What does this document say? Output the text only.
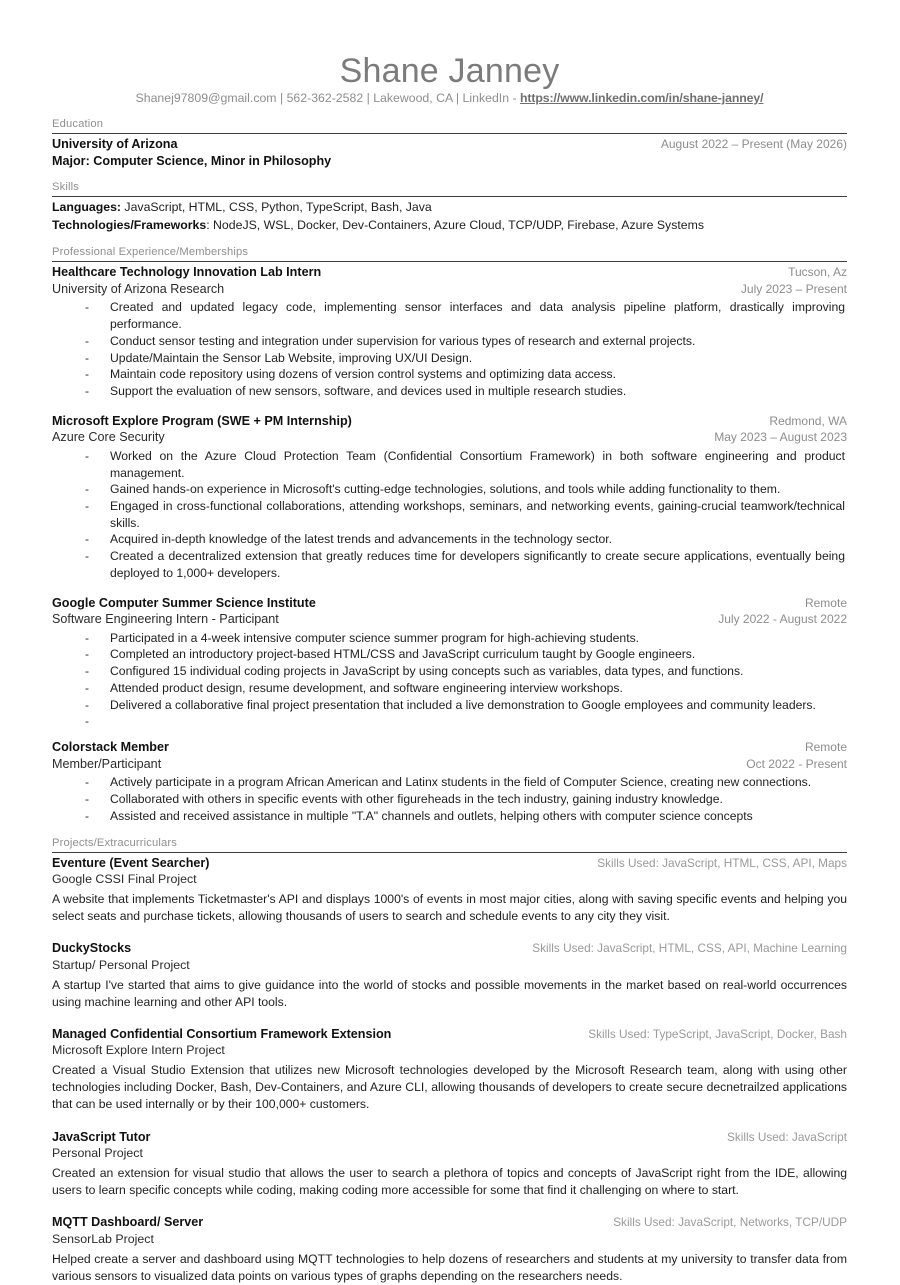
Shane Janney
Shanej97809@gmail.com | 562-362-2582 | Lakewood, CA | LinkedIn - https://www.linkedin.com/in/shane-janney/
Education
University of Arizona	August 2022 – Present (May 2026)
Major: Computer Science, Minor in Philosophy
Skills
Languages: JavaScript, HTML, CSS, Python, TypeScript, Bash, Java
Technologies/Frameworks: NodeJS, WSL, Docker, Dev-Containers, Azure Cloud, TCP/UDP, Firebase, Azure Systems
Professional Experience/Memberships
Healthcare Technology Innovation Lab Intern	Tucson, Az
University of Arizona Research	July 2023 – Present
- Created and updated legacy code, implementing sensor interfaces and data analysis pipeline platform, drastically improving performance.
- Conduct sensor testing and integration under supervision for various types of research and external projects.
- Update/Maintain the Sensor Lab Website, improving UX/UI Design.
- Maintain code repository using dozens of version control systems and optimizing data access.
- Support the evaluation of new sensors, software, and devices used in multiple research studies.
Microsoft Explore Program (SWE + PM Internship)	Redmond, WA
Azure Core Security	May 2023 – August 2023
- Worked on the Azure Cloud Protection Team (Confidential Consortium Framework) in both software engineering and product management.
- Gained hands-on experience in Microsoft's cutting-edge technologies, solutions, and tools while adding functionality to them.
- Engaged in cross-functional collaborations, attending workshops, seminars, and networking events, gaining-crucial teamwork/technical skills.
- Acquired in-depth knowledge of the latest trends and advancements in the technology sector.
- Created a decentralized extension that greatly reduces time for developers significantly to create secure applications, eventually being deployed to 1,000+ developers.
Google Computer Summer Science Institute	Remote
Software Engineering Intern - Participant	July 2022 - August 2022
- Participated in a 4-week intensive computer science summer program for high-achieving students.
- Completed an introductory project-based HTML/CSS and JavaScript curriculum taught by Google engineers.
- Configured 15 individual coding projects in JavaScript by using concepts such as variables, data types, and functions.
- Attended product design, resume development, and software engineering interview workshops.
- Delivered a collaborative final project presentation that included a live demonstration to Google employees and community leaders.
-
Colorstack Member	Remote
Member/Participant	Oct 2022 - Present
- Actively participate in a program African American and Latinx students in the field of Computer Science, creating new connections.
- Collaborated with others in specific events with other figureheads in the tech industry, gaining industry knowledge.
- Assisted and received assistance in multiple "T.A" channels and outlets, helping others with computer science concepts
Projects/Extracurriculars
Eventure (Event Searcher)	Skills Used: JavaScript, HTML, CSS, API, Maps
Google CSSI Final Project
A website that implements Ticketmaster's API and displays 1000's of events in most major cities, along with saving specific events and helping you select seats and purchase tickets, allowing thousands of users to search and schedule events to any city they visit.
DuckyStocks	Skills Used: JavaScript, HTML, CSS, API, Machine Learning
Startup/ Personal Project
A startup I've started that aims to give guidance into the world of stocks and possible movements in the market based on real-world occurrences using machine learning and other API tools.
Managed Confidential Consortium Framework Extension	Skills Used: TypeScript, JavaScript, Docker, Bash
Microsoft Explore Intern Project
Created a Visual Studio Extension that utilizes new Microsoft technologies developed by the Microsoft Research team, along with using other technologies including Docker, Bash, Dev-Containers, and Azure CLI, allowing thousands of developers to create secure decnetrailzed applications that can be used internally or by their 100,000+ customers.
JavaScript Tutor	Skills Used: JavaScript
Personal Project
Created an extension for visual studio that allows the user to search a plethora of topics and concepts of JavaScript right from the IDE, allowing users to learn specific concepts while coding, making coding more accessible for some that find it challenging on where to start.
MQTT Dashboard/ Server	Skills Used: JavaScript, Networks, TCP/UDP
SensorLab Project
Helped create a server and dashboard using MQTT technologies to help dozens of researchers and students at my university to transfer data from various sensors to visualized data points on various types of graphs depending on the researchers needs.
